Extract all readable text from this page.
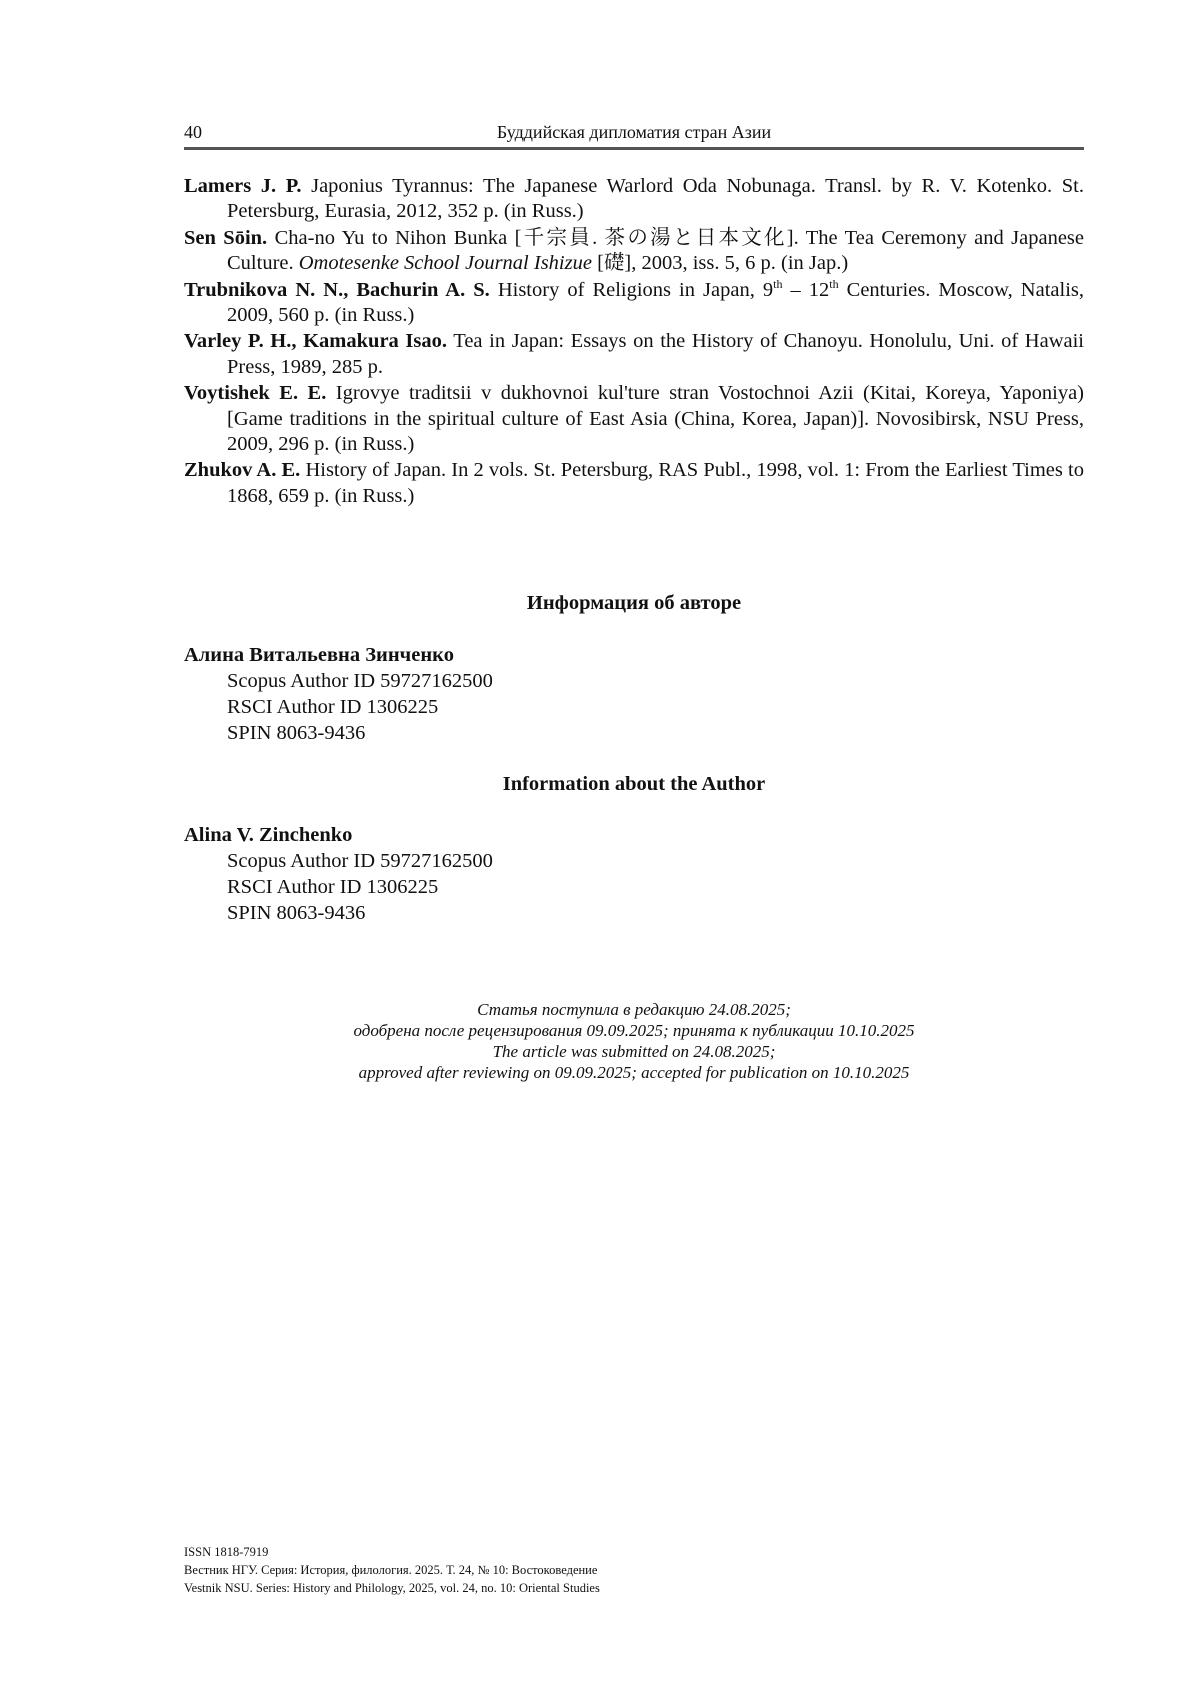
40	Буддийская дипломатия стран Азии

Lamers J. P. Japonius Tyrannus: The Japanese Warlord Oda Nobunaga. Transl. by R. V. Kotenko. St. Petersburg, Eurasia, 2012, 352 p. (in Russ.)

Sen Sōin. Cha-no Yu to Nihon Bunka [千宗員. 茶の湯と日本文化]. The Tea Ceremony and Japanese Culture. Omotesenke School Journal Ishizue [礎], 2003, iss. 5, 6 p. (in Jap.)

Trubnikova N. N., Bachurin A. S. History of Religions in Japan, 9th – 12th Centuries. Moscow, Natalis, 2009, 560 p. (in Russ.)

Varley P. H., Kamakura Isao. Tea in Japan: Essays on the History of Chanoyu. Honolulu, Uni. of Hawaii Press, 1989, 285 p.

Voytishek E. E. Igrovye traditsii v dukhovnoi kul'ture stran Vostochnoi Azii (Kitai, Koreya, Yaponiya) [Game traditions in the spiritual culture of East Asia (China, Korea, Japan)]. Novosibirsk, NSU Press, 2009, 296 p. (in Russ.)

Zhukov A. E. History of Japan. In 2 vols. St. Petersburg, RAS Publ., 1998, vol. 1: From the Earliest Times to 1868, 659 p. (in Russ.)

Информация об авторе
Алина Витальевна Зинченко
Scopus Author ID 59727162500
RSCI Author ID 1306225
SPIN 8063-9436
Information about the Author
Alina V. Zinchenko
Scopus Author ID 59727162500
RSCI Author ID 1306225
SPIN 8063-9436
Статья поступила в редакцию 24.08.2025;
одобрена после рецензирования 09.09.2025; принята к публикации 10.10.2025
The article was submitted on 24.08.2025;
approved after reviewing on 09.09.2025; accepted for publication on 10.10.2025
ISSN 1818-7919
Вестник НГУ. Серия: История, филология. 2025. Т. 24, № 10: Востоковедение
Vestnik NSU. Series: History and Philology, 2025, vol. 24, no. 10: Oriental Studies
